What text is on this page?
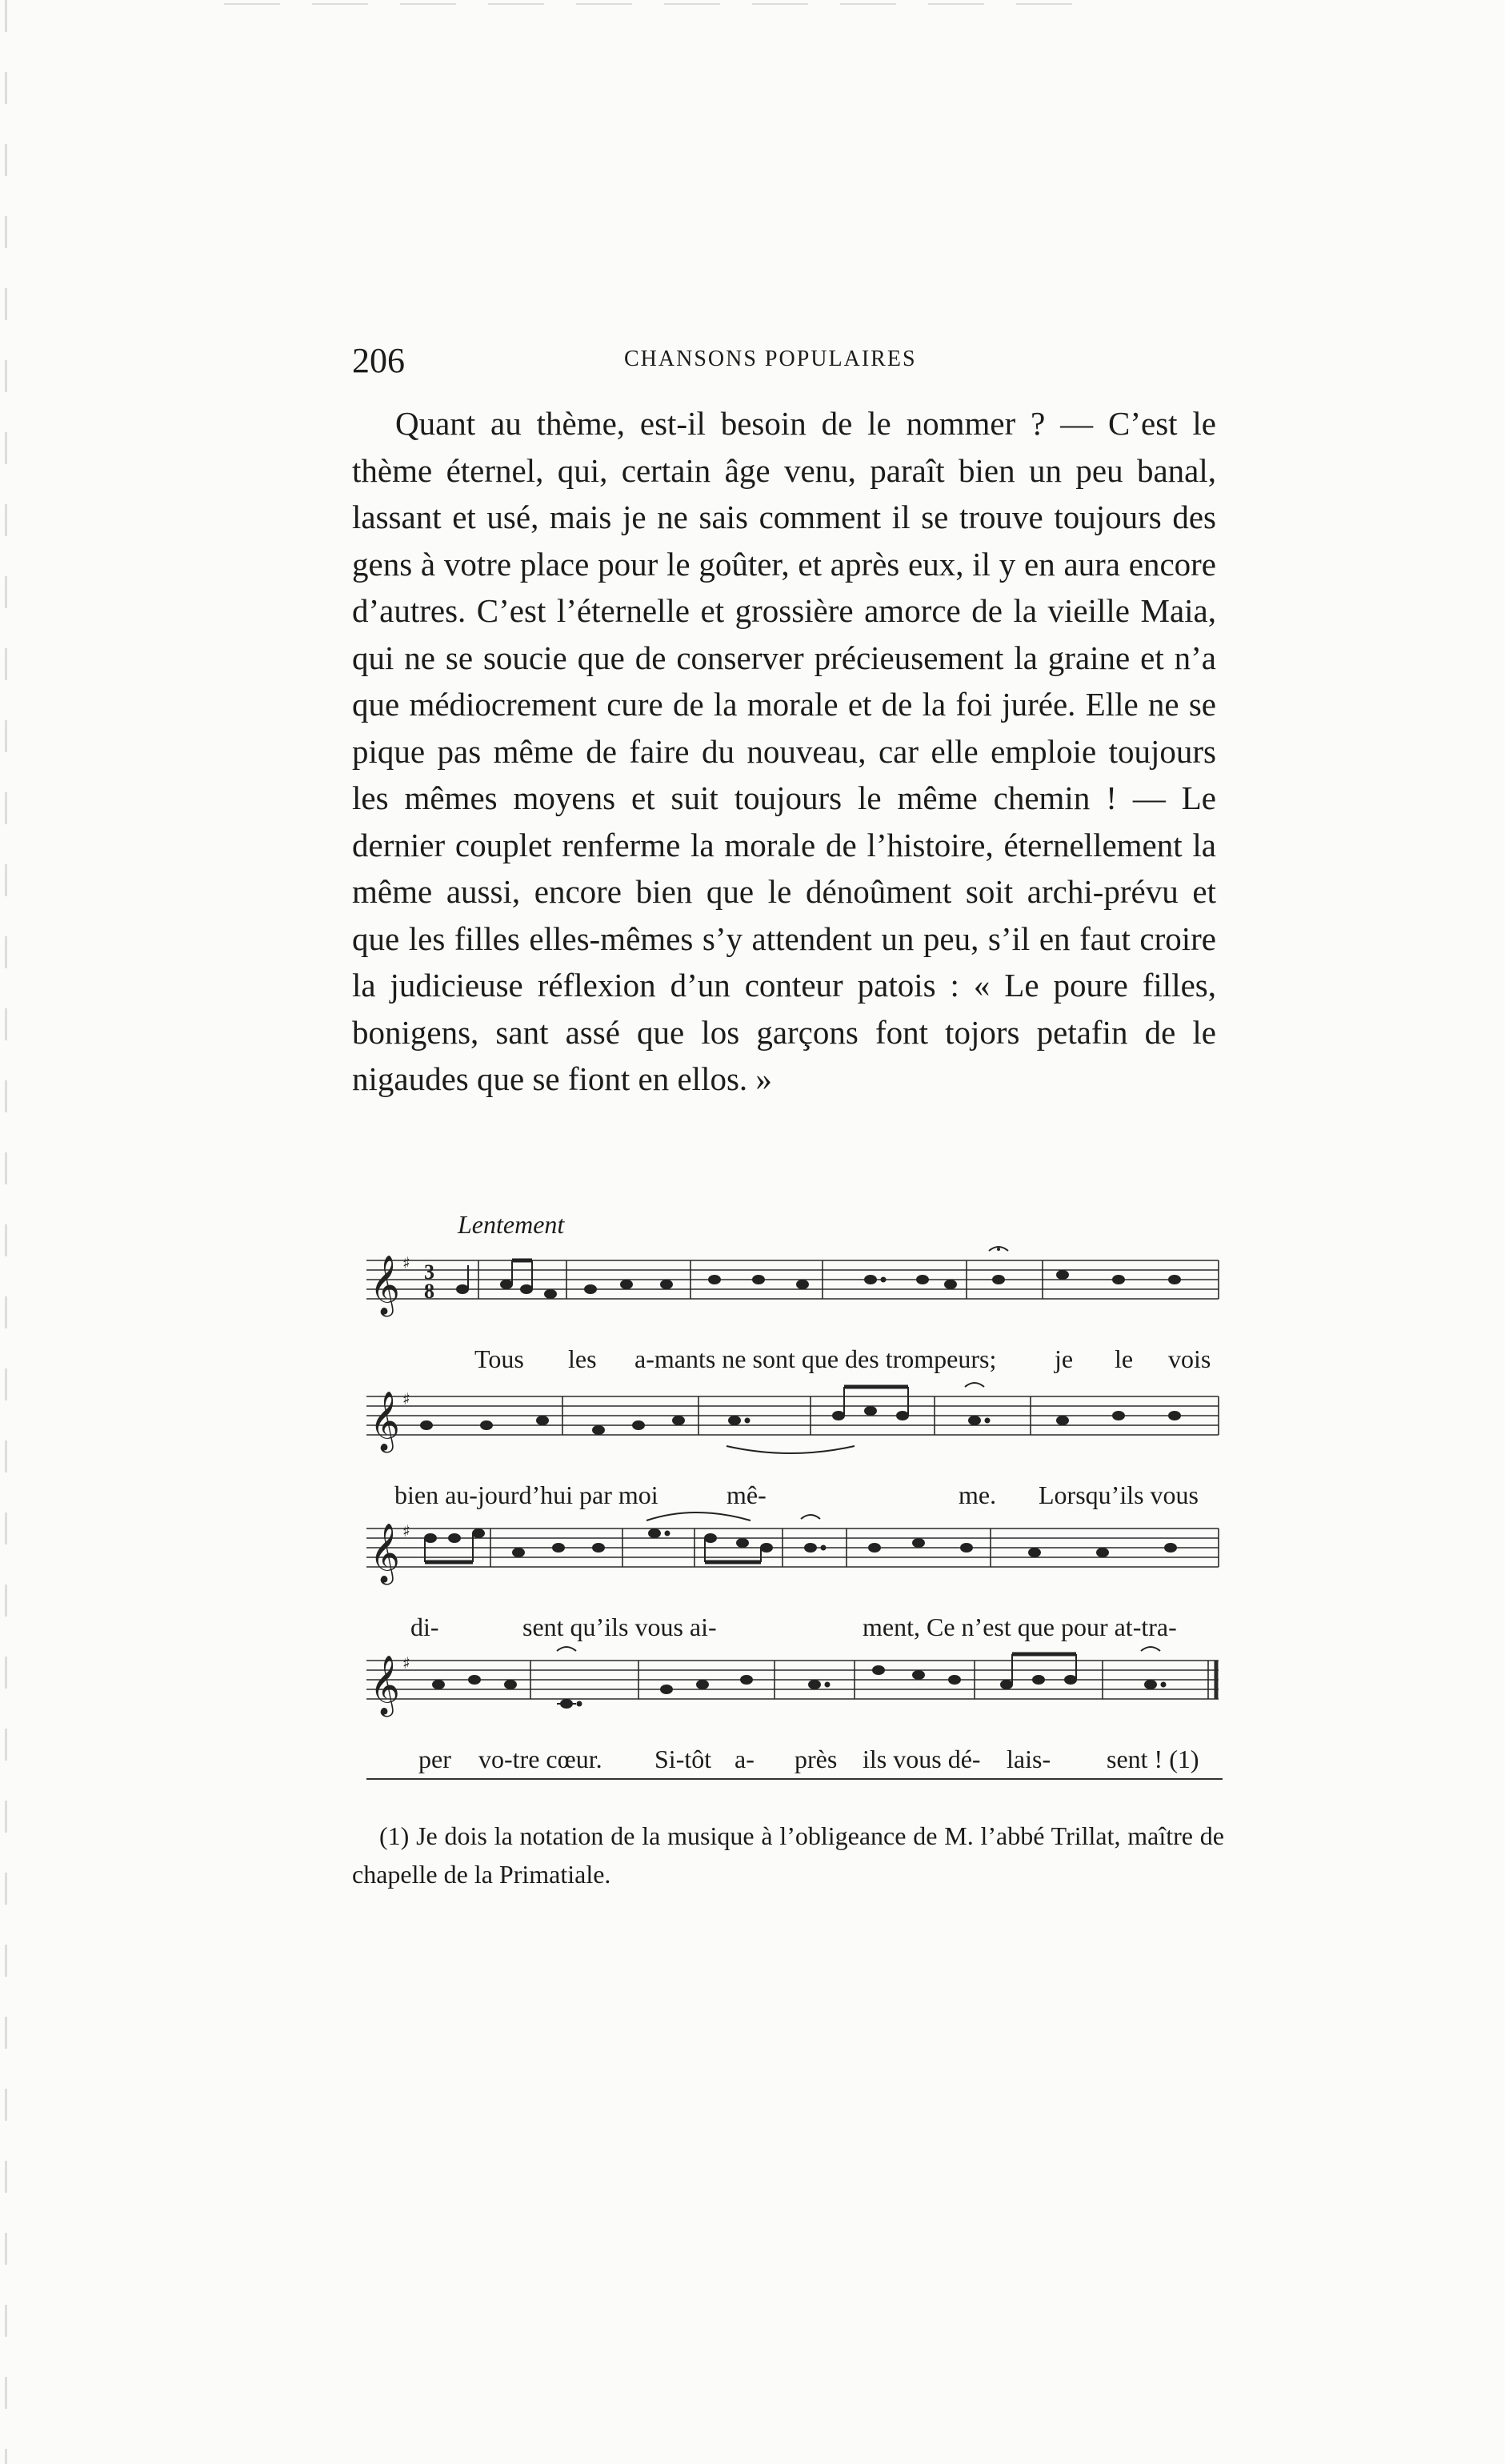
206	CHANSONS POPULAIRES

Quant au thème, est-il besoin de le nommer ? — C’est le thème éternel, qui, certain âge venu, paraît bien un peu banal, lassant et usé, mais je ne sais comment il se trouve toujours des gens à votre place pour le goûter, et après eux, il y en aura encore d’autres. C’est l’éternelle et grossière amorce de la vieille Maia, qui ne se soucie que de conserver précieusement la graine et n’a que médiocrement cure de la morale et de la foi jurée. Elle ne se pique pas même de faire du nouveau, car elle emploie toujours les mêmes moyens et suit toujours le même chemin ! — Le dernier couplet renferme la morale de l’histoire, éternellement la même aussi, encore bien que le dénoûment soit archi-prévu et que les filles elles-mêmes s’y attendent un peu, s’il en faut croire la judicieuse réflexion d’un conteur patois : « Le poure filles, bonigens, sant assé que los garçons font tojors petafin de le nigaudes que se fiont en ellos. »

Lentement
𝄞 ♯ 3
8
Tous les a-mants ne sont que des trompeurs; je le vois
𝄞 ♯
bien au-jourd’hui par moi	mê-	me. Lorsqu’ils vous
𝄞 ♯
di-	sent qu’ils vous ai-	ment, Ce n’est que pour at-tra-
𝄞 ♯
per vo-tre cœur. Si-tôt a- près ils vous dé- lais- sent ! (1)

(1) Je dois la notation de la musique à l’obligeance de M. l’abbé Trillat, maître de chapelle de la Primatiale.
